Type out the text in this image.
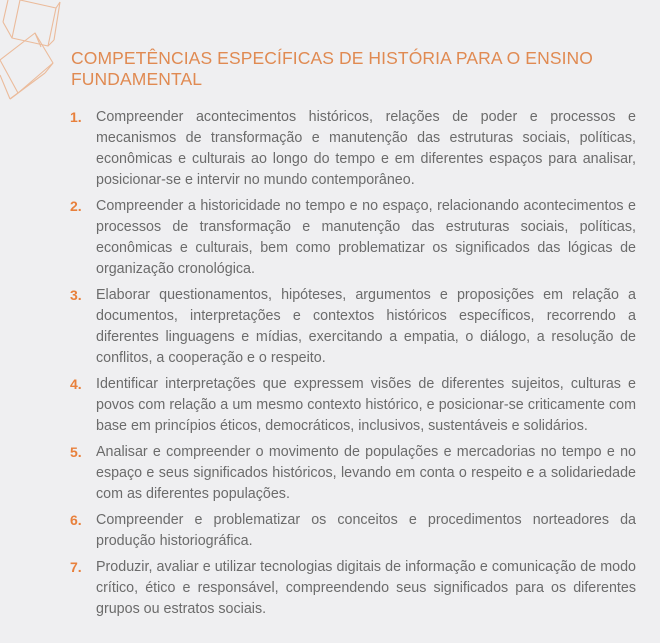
COMPETÊNCIAS ESPECÍFICAS DE HISTÓRIA PARA O ENSINO FUNDAMENTAL
1. Compreender acontecimentos históricos, relações de poder e processos e mecanismos de transformação e manutenção das estruturas sociais, políticas, econômicas e culturais ao longo do tempo e em diferentes espaços para analisar, posicionar-se e intervir no mundo contemporâneo.
2. Compreender a historicidade no tempo e no espaço, relacionando acontecimentos e processos de transformação e manutenção das estruturas sociais, políticas, econômicas e culturais, bem como problematizar os significados das lógicas de organização cronológica.
3. Elaborar questionamentos, hipóteses, argumentos e proposições em relação a documentos, interpretações e contextos históricos específicos, recorrendo a diferentes linguagens e mídias, exercitando a empatia, o diálogo, a resolução de conflitos, a cooperação e o respeito.
4. Identificar interpretações que expressem visões de diferentes sujeitos, culturas e povos com relação a um mesmo contexto histórico, e posicionar-se criticamente com base em princípios éticos, democráticos, inclusivos, sustentáveis e solidários.
5. Analisar e compreender o movimento de populações e mercadorias no tempo e no espaço e seus significados históricos, levando em conta o respeito e a solidariedade com as diferentes populações.
6. Compreender e problematizar os conceitos e procedimentos norteadores da produção historiográfica.
7. Produzir, avaliar e utilizar tecnologias digitais de informação e comunicação de modo crítico, ético e responsável, compreendendo seus significados para os diferentes grupos ou estratos sociais.
